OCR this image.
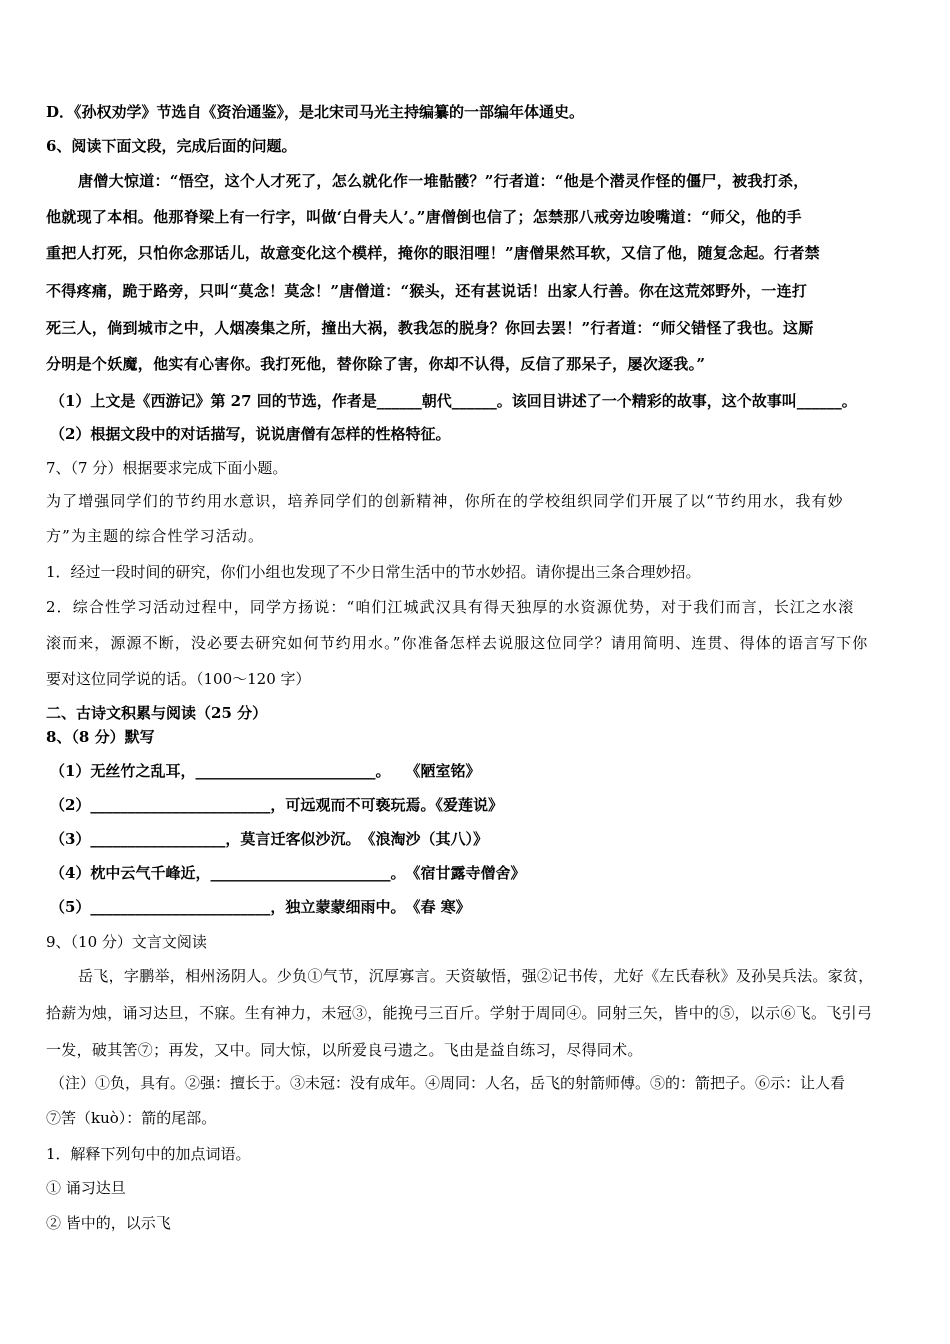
D．《孙权劝学》节选自《资治通鉴》，是北宋司马光主持编纂的一部编年体通史。
6、阅读下面文段，完成后面的问题。
唐僧大惊道：“悟空，这个人才死了，怎么就化作一堆骷髅？”行者道：“他是个潜灵作怪的僵尸，被我打杀，
他就现了本相。他那脊梁上有一行字，叫做‘白骨夫人’。”唐僧倒也信了；怎禁那八戒旁边唆嘴道：“师父，他的手
重把人打死，只怕你念那话儿，故意变化这个模样，掩你的眼泪哩！”唐僧果然耳软，又信了他，随复念起。行者禁
不得疼痛，跪于路旁，只叫“莫念！莫念！”唐僧道：“猴头，还有甚说话！出家人行善。你在这荒郊野外，一连打
死三人，倘到城市之中，人烟凑集之所，撞出大祸，教我怎的脱身？你回去罢！”行者道：“师父错怪了我也。这厮
分明是个妖魔，他实有心害你。我打死他，替你除了害，你却不认得，反信了那呆子，屡次逐我。”
（1）上文是《西游记》第 27 回的节选，作者是______朝代______。该回目讲述了一个精彩的故事，这个故事叫______。
（2）根据文段中的对话描写，说说唐僧有怎样的性格特征。
7、（7 分）根据要求完成下面小题。
为了增强同学们的节约用水意识，培养同学们的创新精神，你所在的学校组织同学们开展了以“节约用水，我有妙
方”为主题的综合性学习活动。
1．经过一段时间的研究，你们小组也发现了不少日常生活中的节水妙招。请你提出三条合理妙招。
2．综合性学习活动过程中，同学方扬说：“咱们江城武汉具有得天独厚的水资源优势，对于我们而言，长江之水滚
滚而来，源源不断，没必要去研究如何节约用水。”你准备怎样去说服这位同学？请用简明、连贯、得体的语言写下你
要对这位同学说的话。（100～120 字）
二、古诗文积累与阅读（25 分）
8、（8 分）默写
（1）无丝竹之乱耳，________________________。　　《陋室铭》
（2）________________________，可远观而不可亵玩焉。《爱莲说》
（3）__________________，莫言迁客似沙沉。　《浪淘沙（其八）》
（4）枕中云气千峰近，________________________。　《宿甘露寺僧舍》
（5）________________________，独立蒙蒙细雨中。　《春 寒》
9、（10 分）文言文阅读
岳飞，字鹏举，相州汤阴人。少负①气节，沉厚寡言。天资敏悟，强②记书传，尤好《左氏春秋》及孙吴兵法。家贫，
拾薪为烛，诵习达旦，不寐。生有神力，未冠③，能挽弓三百斤。学射于周同④。同射三矢，皆中的⑤，以示⑥飞。飞引弓
一发，破其筈⑦；再发，又中。同大惊，以所爱良弓遗之。飞由是益自练习，尽得同术。
（注）①负，具有。②强：擅长于。③未冠：没有成年。④周同：人名，岳飞的射箭师傅。⑤的：箭把子。⑥示：让人看
⑦筈（kuò）：箭的尾部。
1．解释下列句中的加点词语。
① 诵习达旦
② 皆中的，以示飞
